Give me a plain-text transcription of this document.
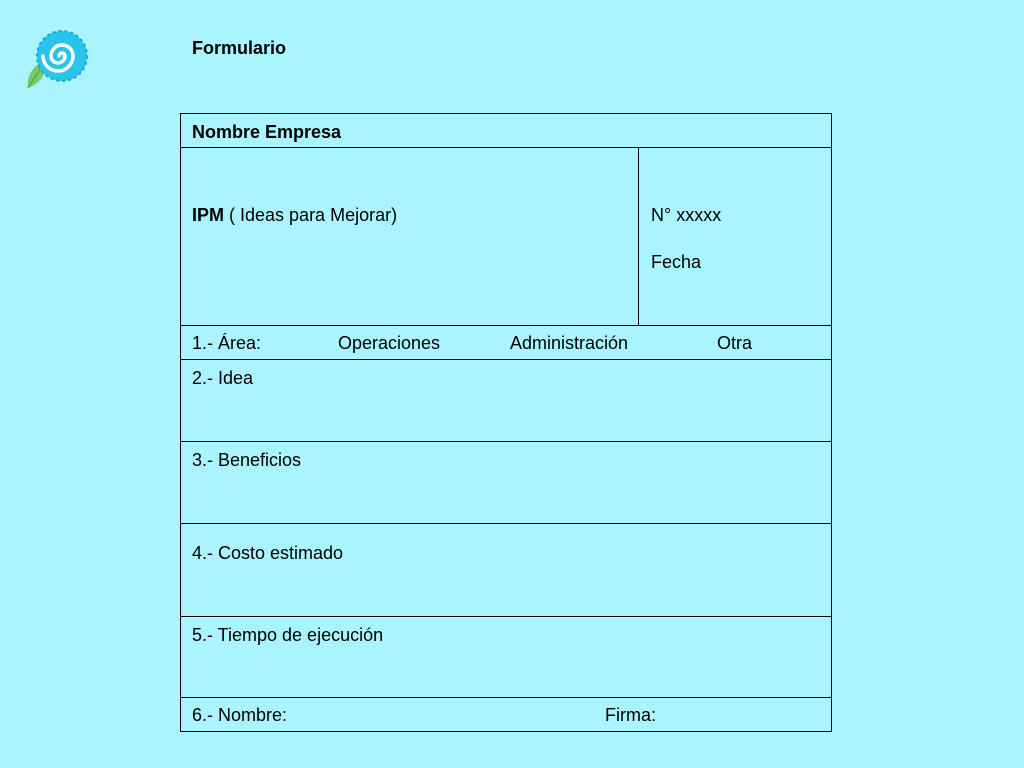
Formulario
Nombre Empresa
IPM ( Ideas para Mejorar)	N° xxxxx
Fecha
1.- Área:	Operaciones	Administración	Otra
2.- Idea
3.- Beneficios
4.- Costo estimado
5.- Tiempo de ejecución
6.- Nombre:	Firma:
